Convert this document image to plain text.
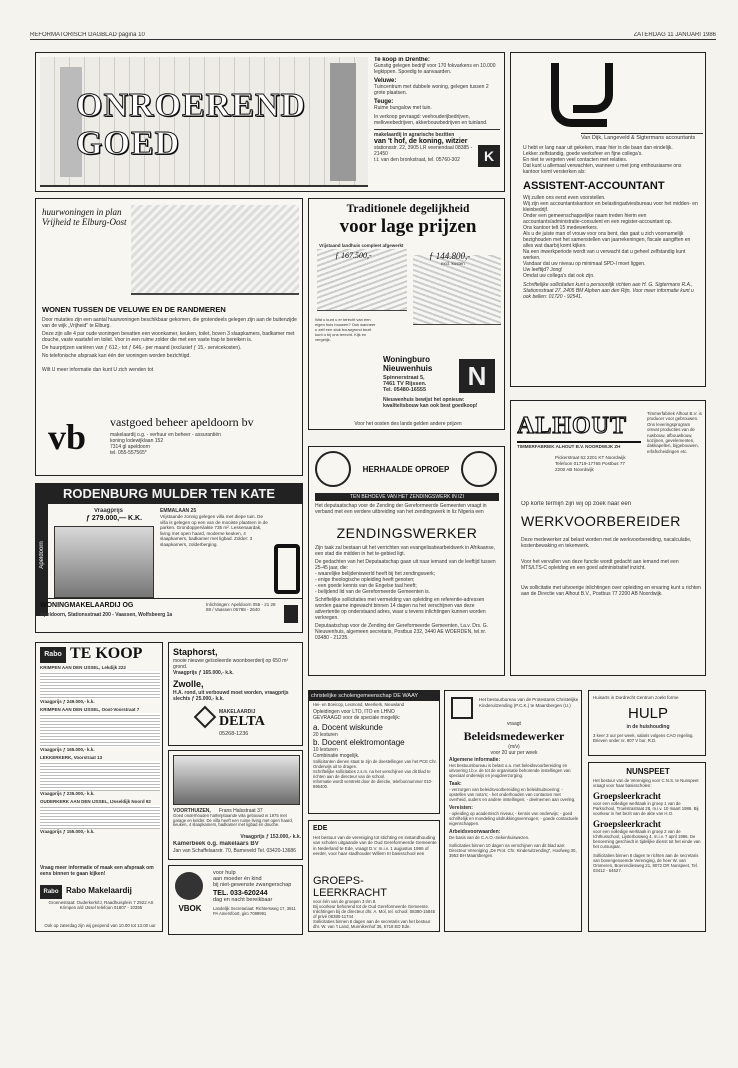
REFORMATORISCH DAGBLAD pagina 10	ZATERDAG 11 JANUARI 1986
ONROEREND GOED
Te koop in Drenthe:
Gunstig gelegen bedrijf voor 170 fokvarkens en 10.000 legkippen. Spoedig te aanvaarden.
Veluwe:
Tuincentrum met dubbele woning, gelegen tussen 2 grote plaatsen.
Teuge:
Ruime bungalow met tuin.
In verkoop gevraagd: veehouderijbedrijven, melkveebedrijven, akkerbouwbedrijven en tuinland.
makelaardij in agrarische bezitten
van 't hof, de koning, witzier
stationsstr. 22, 3905 LR veenendaal 08385 - 21450
t.t. van den bronkstraat, tel. 05760-302	K
Van Dijk, Langeveld & Sigtermans accountants
U hebt er lang naar uit gekeken, maar hier is die baan dan eindelijk.
Lekker zelfstandig, goede werksfeer en fijne collega's.
En niet te vergeten veel contacten met relaties.
Dat kunt u allemaal verwachten, wanneer u met jong enthousiasme ons kantoor komt versterken als:
ASSISTENT-ACCOUNTANT
Wij zullen ons eerst even voorstellen.
Wij zijn een accountantskantoor en belastingadviesbureau voor het midden- en kleinbedrijf.
Onder een gemeenschappelijke naam treden hierin een accountants/administratie-consulent en een register-accountant op.
Ons kantoor telt 15 medewerkers.
Als u de juiste man of vrouw voor ons bent, dan gaat u zich voornamelijk bezighouden met het samenstellen van jaarrekeningen, fiscale aangiften en alles wat daarbij komt kijken.
Na een inwerkperiode wordt van u verwacht dat u geheel zelfstandig kunt werken.
Vandaar dat uw niveau op minimaal SPD-I moet liggen.
Uw leeftijd? Jong!
Omdat uw collega's dat ook zijn.
Schriftelijke sollicitaties kunt u persoonlijk richten aan H. G. Sigtermans R.A., Stationsstraat 27, 2405 BM Alphen aan den Rijn. Voor meer informatie kunt u ook bellen: 01720 - 92541.
huurwoningen in plan Vrijheid te Elburg-Oost
WONEN TUSSEN DE VELUWE EN DE RANDMEREN
Door mutaties zijn een aantal huurwoningen beschikbaar gekomen, die grotendeels gelegen zijn aan de buitenzijde van de wijk „Vrijheid" te Elburg.
Deze zijn alle 4 par oude woningen bevatten een woonkamer, keuken, toilet, boven 3 slaapkamers, badkamer met douche, vaste wastafel en toilet. Voor in een ruime zolder die met een vaste trap te bereiken is.
De huurprijzen variëren van ƒ 612,- tot ƒ 646,- per maand (exclusief ƒ 15,- servicekosten).
No telefonische afspraak kan één der woningen worden bezichtigd.
Wilt U meer informatie dan kunt U zich wenden tot
vb	vastgoed beheer apeldoorn bv
makelaardij o.g. - verhuur en beheer - assurantiën
koning lodewijklaan 152
7314 gl apeldoorn
tel. 055-557565*
Traditionele degelijkheid
voor lage prijzen
Vrijstaand landhuis compleet afgewerkt
ƒ 167.500,-	ƒ 144.800,-
excl. kosten
Wat u kunt u er terecht van een eigen huis bouwen? Ook wanneer u zelf een stuk bouwgrond bezit kunt u bij ons terecht. Kijk en vergelijk.
Woningburo
Nieuwenhuis
Spinnerstraat 5,
7461 TV Rijssen.
Tel. 05480-16555	N
Nieuwenhuis bewijst het opnieuw: kwaliteitsbouw kan ook best goedkoop!
Voor het oosten des lands gelden andere prijzen
RODENBURG MULDER TEN KATE
Apeldoorn
Vraagprijs
ƒ 279.000,— K.K.
EMMALAAN 25
Vrijstaande zonnig gelegen villa met diepe tuin. De villa is gelegen op een van de mooiste plaatsen in de parken. Grondoppervlakte 735 m². Lessenaardak, living met open haard, moderne keuken, 4 slaapkamers, badkamer met ligbad. Zolder: 3 slaapkamers, zolderberging.
WONINGMAKELAARDIJ OG
Apeldoorn, Stationsstraat 200 - Vaassen, Wolfsbeerg 1a
Inlichtingen: Apeldoorn 055 - 21 28 88 / Vaassen 05788 - 2640
HERHAALDE OPROEP
TEN BEHOEVE VAN HET ZENDINGSWERK IN IZI
Het deputaatschap voor de Zending der Gereformeerde Gemeenten vraagt in verband met een verdere uitbreiding van het zendingswerk in Iiz Nigeria een
ZENDINGSWERKER
Zijn taak zal bestaan uit het verrichten van evangelisatiearbeidwerk in Afrikaanse, een stad die midden in het te-gebied ligt.
De gedachten van het Deputaatschap gaan uit naar iemand van de leeftijd tussen 25-45 jaar, die:
- waarelijke belijdeniswerld heeft bij het zendingswerk;
- enige theologische opleiding heeft genoten;
- een goede kennis van de Engelse taal heeft;
- belijdend lid van de Gereformeerde Gemeenten is.
Schriftelijke sollicitaties met vermelding van opleiding en referentie-adressen worden gaarne ingewacht binnen 14 dagen na het verschijnen van deze advertentie op onderstaand adres, waar u tevens inlichtingen kunnen worden verkregen.
Deputaatschap voor de Zending der Gereformeerde Gemeenten, t.a.v. Drs. G. Nieuwenhuis, algemeen secretaris, Postbus 232, 3440 AE WOERDEN, tel.nr. 03480 - 21235.
ALHOUT
TIMMERFABRIEK ALHOUT B.V. NOORDWIJK ZH
Timmerfabriek Alhout B.V. is producer voor gebrouwen. Ons leveringsprogram omvat producties van de ruwbouw, afbouwbouw, kozijnen, gevelementen, dakkapellen, bijgebouwen, erfafscheidingen etc.
Pickerstraat 62 2201 KT Noordwijk Telefoon 01719-17765 Postbus 77 2200 AB Noordwijk
Op korte termijn zijn wij op zoek naar een
WERKVOORBEREIDER
Deze medewerker zal belast worden met de werkvoorbereiding, nacalculatie, kostenbewaking en tekenwerk.
Voor het vervullen van deze functie wordt gedacht aan iemand met een MTS/LTS-C opleiding en een goed administratief inzicht.
Uw sollicitatie met uitvoerige inlichtingen over opleiding en ervaring kunt u richten aan de Directie van Alhout B.V., Postbus 77 2200 AB Noordwijk.
Rabo TE KOOP
KRIMPEN AAN DEN IJSSEL, Lekdijk 222
Vraagprijs ƒ 249.000,- k.k.
KRIMPEN AAN DEN IJSSEL, Oost-Voorstraat 7
Vraagprijs ƒ 165.000,- k.k.
LEKKERKERK, Voorstraat 13
Vraagprijs ƒ 235.000,- k.k.
OUDERKERK AAN DEN IJSSEL, IJsseldijk Noord 92
Vraagprijs ƒ 155.000,- k.k.
Vraag meer informatie of maak een afspraak om eens binnen te gaan kijken!
Rabo Rabo Makelaardij
Groenestraat: Ouderkerk/IJ, Raadhuisplein 7 2922 AS Krimpen a/d IJssel telefoon 01807 - 10355
Ook op zaterdag zijn wij geopend van 10.00 tot 13.00 uur
Staphorst,
mooie nieuwe geïsoleerde woonboerderij op 650 m² grond.
Vraagprijs ƒ 165.000,- k.k.
Zwolle,
H.A. rond, uit verbouwd moet worden, vraagprijs slechts ƒ 25.000,- k.k.
MAKELAARDIJ
DELTA
05268-1236
VOORTHUIZEN,	Frans Halsstraat 37
Goed onderhouden halfvrijstaande villa gebouwd in 1975 met garage en kelder. De villa heeft een ruime living met open haard, keuken, 4 slaapkamers, badkamer met ligbad en douche.
Vraagprijs ƒ 153.000,- k.k.
Kamerbeek o.g. makelaars BV
Jan van Schaffelaarstr. 70, Barneveld Tel. 03420-13686
VBOK
voor hulp
aan moeder én kind
bij niet-gewenste zwangerschap
TEL. 033-620244
dag en nacht bereikbaar
Landelijk Secretariaat: Richtersweg 17, 3811 PA Amersfoort, giro 7099991
christelijke scholengemeenschap DE WAAY
Hei- en Boeicop, Lexmond, Meerkerk, Nieuwland
Opleidingen voor LTO, ITO en LHNO
GEVRAAGD voor de speciale mogelijk:
a. Docent wiskunde
20 lesturen
b. Docent elektromontage
10 lesturen
Combinatie mogelijk.
Sollicitanten dienen staat te zijn de doestellingen van het PCE Chr. Onderwijs uit te dragen.
Schriftelijke sollicitaties z.s.m. na het verschijnen van dit blad te richten aan de directeur van de school.
Informatie wordt verstrekt door de directie, telefoonnummer 010-895400.
EDE
Het bestuur van de vereniging tot stichting en instandhouding van scholen uitgaande van de Oud Gereformeerde Gemeente in Nederland te Ede, vraagt D.V. m.i.v. 1 augustus 1986 of eerder, voor haar stadhouder Willem III basisschool een
GROEPS-LEERKRACHT
voor één van de groepen 3 t/m 8.
Bij voorkeur behorend tot de Oud Gereformeerde Gemeente.
Inlichtingen bij de directeur dhr. A. Mol, tel. school: 08380-15845 of privé 08380-11744
Sollicitaties binnen 8 dagen aan de secretaris van het bestuur dhr. W. van 't Land, Munnikenhof 36, 6718 ED Ede.
Het bestuurbureau van de Protestants Christelijke Kinderuitzending (P.C.K.) te Maarsbergen (U.)
vraagt
Beleidsmedewerker
(m/v)
voor 20 uur per week
Algemene informatie:
Het bestuursbureau is belast o.a. met beleidsvoorbereiding en uitvoering t.b.v. de tot de organisatie behorende instellingen van speciaal onderwijs en jeugdverzorging.
Taak:
- verzorgen van beleidsvoorbereiding en beleidsuitvoering; - opstellen van nota's; - het onderhouden van contacten met overheid, ouders en andere instellingen; - deelnemen aan overleg.
Vereisten:
- opleiding op academisch niveau; - kennis van onderwijs; - goed schriftelijk en mondeling uitdrukkingsvermogen; - goede contactuele eigenschappen.
Arbeidsvoorwaarden:
De basis van de C.A.O.-ziekenhuiswezen.
Sollicitaties binnen 10 dagen na verschijnen van dit blad aan: Directeur Vereniging „De Prot. Chr. Kinderuitzending", Hoofweg 30, 3953 BH Maarsbergen.
Huisarts in Dordrecht Centrum zoekt forme
HULP
in de huishouding
3 keer 3 uur per week, salaris volgens CAO regeling. Brieven onder nr. 907 V bur. R.D.
NUNSPEET
Het bestuur van de Vereniging voor C.N.S. te Nunspeet vraagt voor haar basisscholen:
Groepsleerkracht
voor een volledige werktaak in groep 1 van de Parkschool, Troelstrastraat 28, m.i.v. 10 maart 1986. Bij voorkeur in het bezit van de akte van H.O.
Groepsleerkracht
voor een volledige werktaak in groep 2 van de Ichthusschool, Lijsterbosweg 4, m.i.v. 7 april 1986. De benoeming geschiedt in tijdelijke dienst tot het einde van het cursusjaar.
Sollicitaties binnen 8 dagen te richten aan de secretaris van bovengenoemde Vereniging, de heer W. van Ommeren, Boerendiesweg 21, 8072 DR Nunspeet, Tel. 03412 - 54627.
